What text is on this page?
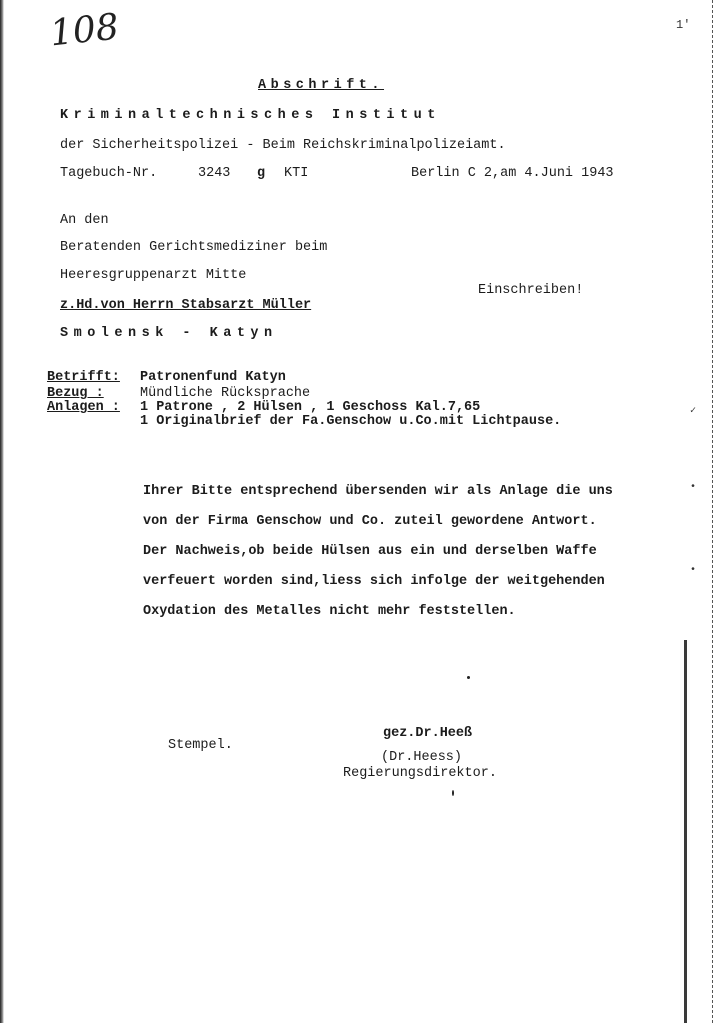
108	1′
✓
•
•
Abschrift.
Kriminaltechnisches Institut
der Sicherheitspolizei - Beim Reichskriminalpolizeiamt.
Tagebuch-Nr.	3243 g KTI	Berlin C 2,am 4.Juni 1943
An den
Beratenden Gerichtsmediziner beim
Heeresgruppenarzt Mitte
Einschreiben!
z.Hd.von Herrn Stabsarzt Müller
Smolensk - Katyn
Betrifft: Patronenfund Katyn
Bezug :	Mündliche Rücksprache
Anlagen : 1 Patrone , 2 Hülsen , 1 Geschoss Kal.7,65
1 Originalbrief der Fa.Genschow u.Co.mit Lichtpause.
Ihrer Bitte entsprechend übersenden wir als Anlage die uns
von der Firma Genschow und Co. zuteil gewordene Antwort.
Der Nachweis,ob beide Hülsen aus ein und derselben Waffe
verfeuert worden sind,liess sich infolge der weitgehenden
Oxydation des Metalles nicht mehr feststellen.
gez.Dr.Heeß
Stempel.
(Dr.Heess)
Regierungsdirektor.
